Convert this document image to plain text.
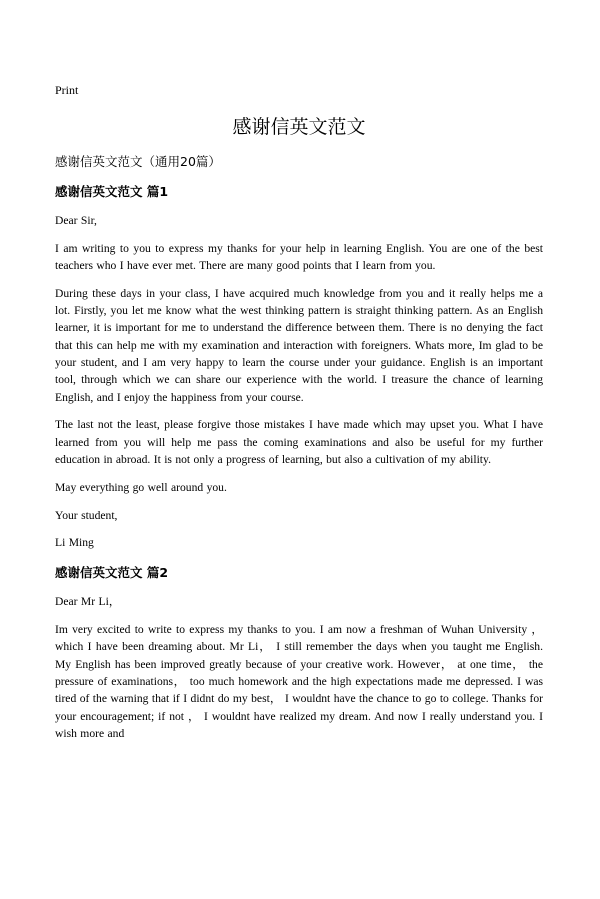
Print
感谢信英文范文

感谢信英文范文（通用20篇）

感谢信英文范文 篇1

Dear Sir,

I am writing to you to express my thanks for your help in learning English. You are one of the best teachers who I have ever met. There are many good points that I learn from you.

During these days in your class, I have acquired much knowledge from you and it really helps me a lot. Firstly, you let me know what the west thinking pattern is straight thinking pattern. As an English learner, it is important for me to understand the difference between them. There is no denying the fact that this can help me with my examination and interaction with foreigners. Whats more, Im glad to be your student, and I am very happy to learn the course under your guidance. English is an important tool, through which we can share our experience with the world. I treasure the chance of learning English, and I enjoy the happiness from your course.

The last not the least, please forgive those mistakes I have made which may upset you. What I have learned from you will help me pass the coming examinations and also be useful for my further education in abroad. It is not only a progress of learning, but also a cultivation of my ability.

May everything go well around you.

Your student,

Li Ming

感谢信英文范文 篇2

Dear Mr Li，

Im very excited to write to express my thanks to you. I am now a freshman of Wuhan University ， which I have been dreaming about. Mr Li， I still remember the days when you taught me English. My English has been improved greatly because of your creative work. However， at one time， the pressure of examinations， too much homework and the high expectations made me depressed. I was tired of the warning that if I didnt do my best， I wouldnt have the chance to go to college. Thanks for your encouragement; if not ， I wouldnt have realized my dream. And now I really understand you. I wish more and
